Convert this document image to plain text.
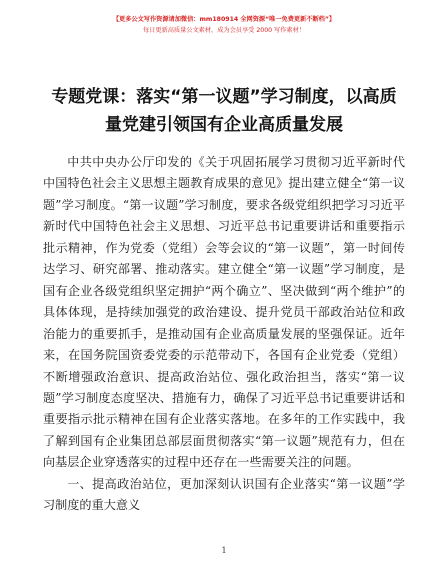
【更多公文写作资源请加微信：mm180914 全网资源“唯一免费更新不断档”】
每日更新高质量公文素材，成为会员享受 2000 写作素材！
专题党课：落实“第一议题”学习制度，以高质量党建引领国有企业高质量发展

中共中央办公厅印发的《关于巩固拓展学习贯彻习近平新时代中国特色社会主义思想主题教育成果的意见》提出建立健全“第一议题”学习制度。“第一议题”学习制度，要求各级党组织把学习习近平新时代中国特色社会主义思想、习近平总书记重要讲话和重要指示批示精神，作为党委（党组）会等会议的“第一议题”，第一时间传达学习、研究部署、推动落实。建立健全“第一议题”学习制度，是国有企业各级党组织坚定拥护“两个确立”、坚决做到“两个维护”的具体体现，是持续加强党的政治建设、提升党员干部政治站位和政治能力的重要抓手，是推动国有企业高质量发展的坚强保证。近年来，在国务院国资委党委的示范带动下，各国有企业党委（党组）不断增强政治意识、提高政治站位、强化政治担当，落实“第一议题”学习制度态度坚决、措施有力，确保了习近平总书记重要讲话和重要指示批示精神在国有企业落实落地。在多年的工作实践中，我了解到国有企业集团总部层面贯彻落实“第一议题”规范有力，但在向基层企业穿透落实的过程中还存在一些需要关注的问题。

一、提高政治站位，更加深刻认识国有企业落实“第一议题”学习制度的重大意义

1
